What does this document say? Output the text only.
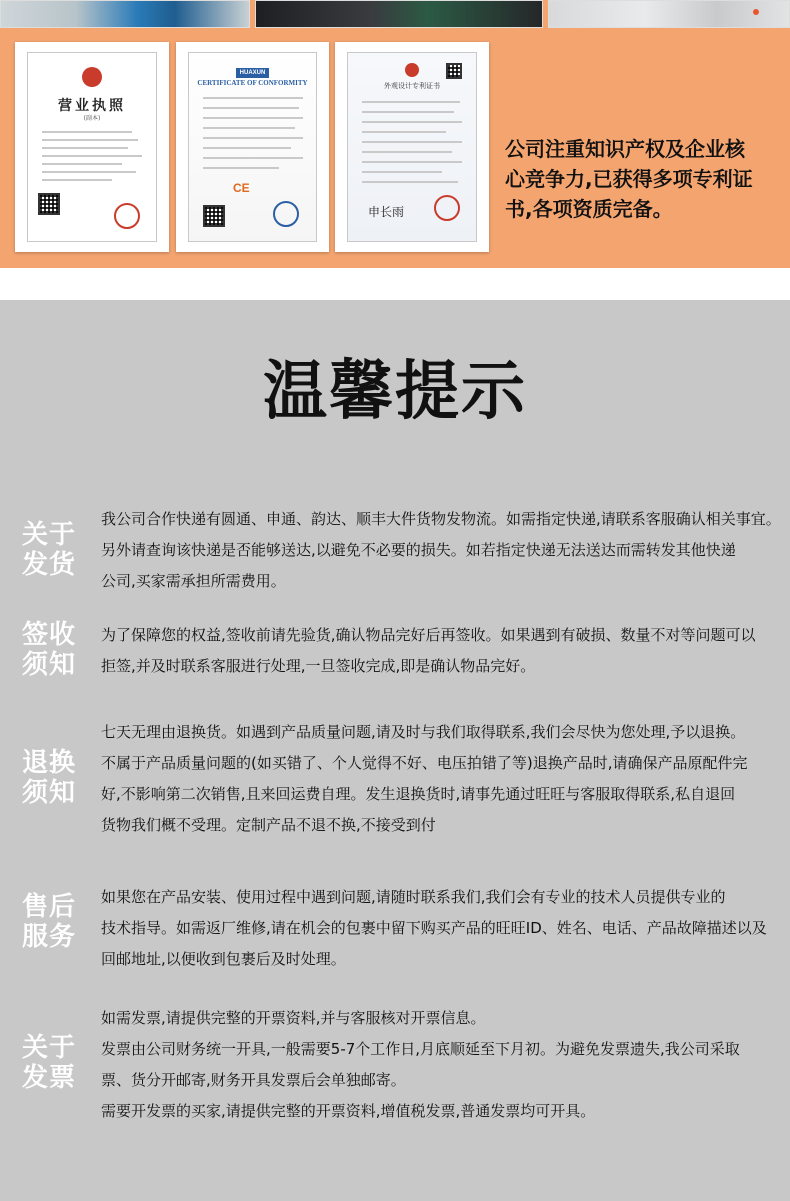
营业执照
(副本)
HUAXUN
CERTIFICATE OF CONFORMITY
CE
外观设计专利证书
申长雨
公司注重知识产权及企业核
心竞争力,已获得多项专利证
书,各项资质完备。
温馨提示
关于
发货

我公司合作快递有圆通、申通、韵达、顺丰大件货物发物流。如需指定快递,请联系客服确认相关事宜。

另外请查询该快递是否能够送达,以避免不必要的损失。如若指定快递无法送达而需转发其他快递

公司,买家需承担所需费用。

签收
须知

为了保障您的权益,签收前请先验货,确认物品完好后再签收。如果遇到有破损、数量不对等问题可以

拒签,并及时联系客服进行处理,一旦签收完成,即是确认物品完好。

退换
须知

七天无理由退换货。如遇到产品质量问题,请及时与我们取得联系,我们会尽快为您处理,予以退换。

不属于产品质量问题的(如买错了、个人觉得不好、电压拍错了等)退换产品时,请确保产品原配件完

好,不影响第二次销售,且来回运费自理。发生退换货时,请事先通过旺旺与客服取得联系,私自退回

货物我们概不受理。定制产品不退不换,不接受到付

售后
服务

如果您在产品安装、使用过程中遇到问题,请随时联系我们,我们会有专业的技术人员提供专业的

技术指导。如需返厂维修,请在机会的包裹中留下购买产品的旺旺ID、姓名、电话、产品故障描述以及

回邮地址,以便收到包裹后及时处理。

关于
发票

如需发票,请提供完整的开票资料,并与客服核对开票信息。

发票由公司财务统一开具,一般需要5-7个工作日,月底顺延至下月初。为避免发票遗失,我公司采取

票、货分开邮寄,财务开具发票后会单独邮寄。

需要开发票的买家,请提供完整的开票资料,增值税发票,普通发票均可开具。
